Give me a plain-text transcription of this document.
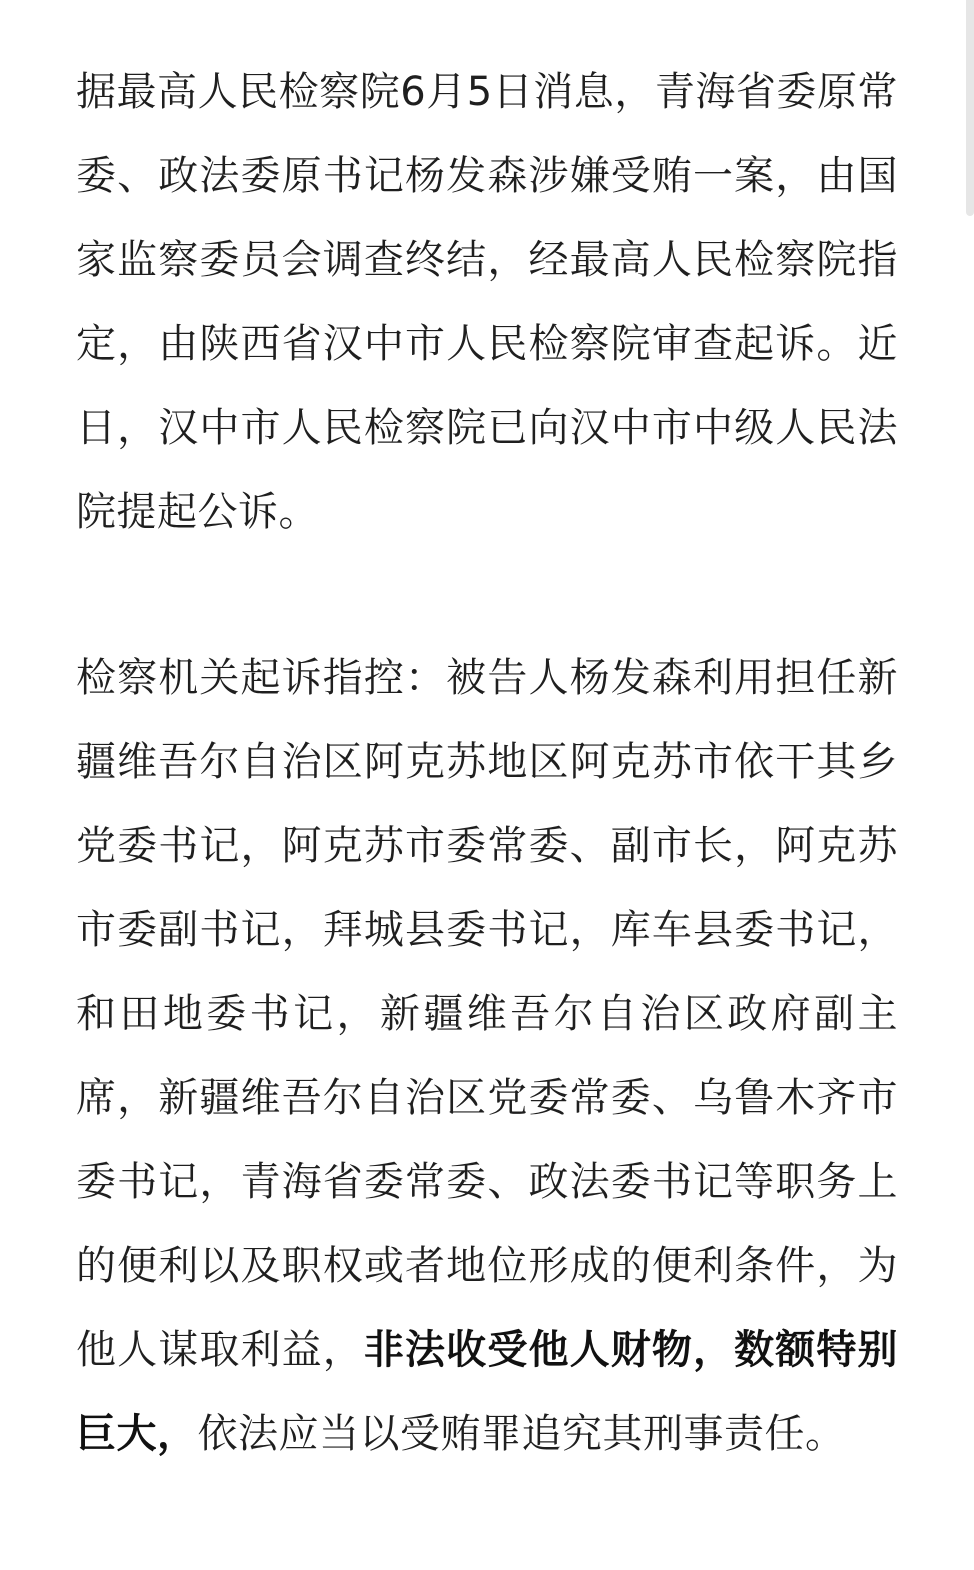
据最高人民检察院6月5日消息，青海省委原常委、政法委原书记杨发森涉嫌受贿一案，由国家监察委员会调查终结，经最高人民检察院指定，由陕西省汉中市人民检察院审查起诉。近日，汉中市人民检察院已向汉中市中级人民法院提起公诉。

检察机关起诉指控：被告人杨发森利用担任新疆维吾尔自治区阿克苏地区阿克苏市依干其乡党委书记，阿克苏市委常委、副市长，阿克苏市委副书记，拜城县委书记，库车县委书记，和田地委书记，新疆维吾尔自治区政府副主席，新疆维吾尔自治区党委常委、乌鲁木齐市委书记，青海省委常委、政法委书记等职务上的便利以及职权或者地位形成的便利条件，为他人谋取利益，非法收受他人财物，数额特别巨大，依法应当以受贿罪追究其刑事责任。
